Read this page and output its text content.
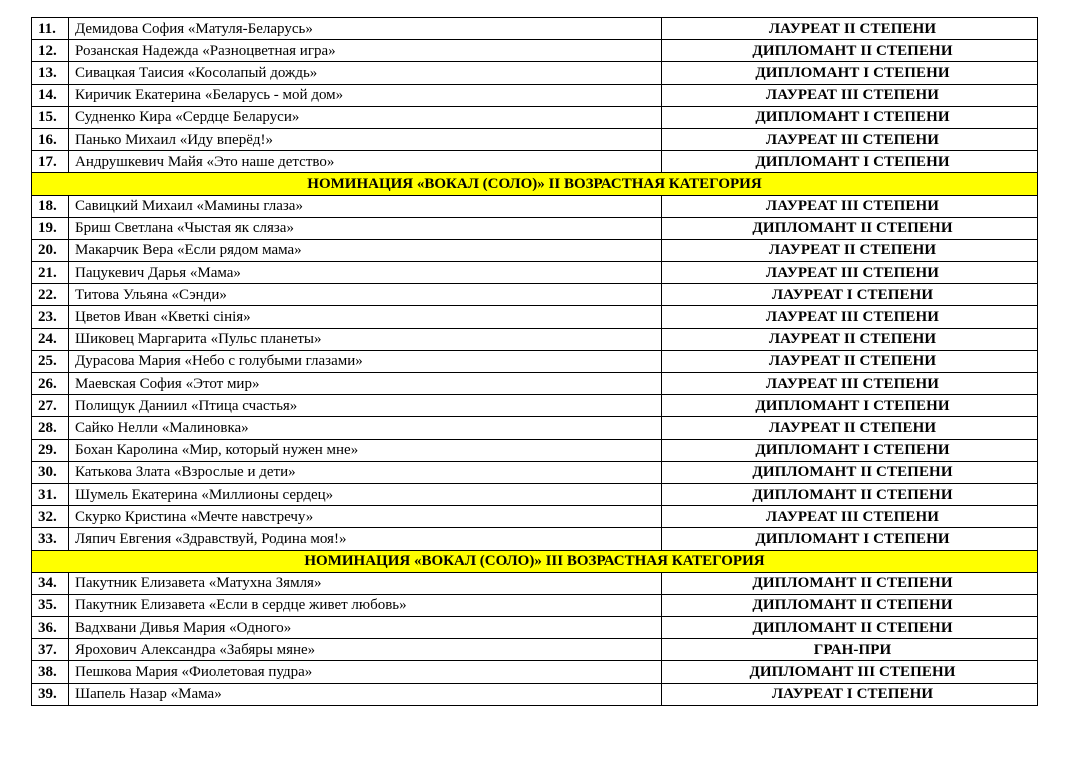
11.	Демидова София «Матуля-Беларусь»	ЛАУРЕАТ II СТЕПЕНИ
12.	Розанская Надежда «Разноцветная игра»	ДИПЛОМАНТ II СТЕПЕНИ
13.	Сивацкая Таисия «Косолапый дождь»	ДИПЛОМАНТ I СТЕПЕНИ
14.	Киричик Екатерина «Беларусь - мой дом»	ЛАУРЕАТ III СТЕПЕНИ
15.	Судненко Кира «Сердце Беларуси»	ДИПЛОМАНТ I СТЕПЕНИ
16.	Панько Михаил «Иду вперёд!»	ЛАУРЕАТ III СТЕПЕНИ
17.	Андрушкевич Майя «Это наше детство»	ДИПЛОМАНТ I СТЕПЕНИ
НОМИНАЦИЯ «ВОКАЛ (СОЛО)» II ВОЗРАСТНАЯ КАТЕГОРИЯ		
18.	Савицкий Михаил «Мамины глаза»	ЛАУРЕАТ III СТЕПЕНИ
19.	Бриш Светлана «Чыстая як сляза»	ДИПЛОМАНТ II СТЕПЕНИ
20.	Макарчик Вера «Если рядом мама»	ЛАУРЕАТ II СТЕПЕНИ
21.	Пацукевич Дарья «Мама»	ЛАУРЕАТ III СТЕПЕНИ
22.	Титова Ульяна «Сэнди»	ЛАУРЕАТ I СТЕПЕНИ
23.	Цветов Иван «Кветкі сінія»	ЛАУРЕАТ III СТЕПЕНИ
24.	Шиковец Маргарита «Пульс планеты»	ЛАУРЕАТ II СТЕПЕНИ
25.	Дурасова Мария «Небо с голубыми глазами»	ЛАУРЕАТ II СТЕПЕНИ
26.	Маевская София «Этот мир»	ЛАУРЕАТ III СТЕПЕНИ
27.	Полищук Даниил «Птица счастья»	ДИПЛОМАНТ I СТЕПЕНИ
28.	Сайко Нелли «Малиновка»	ЛАУРЕАТ II СТЕПЕНИ
29.	Бохан Каролина «Мир, который нужен мне»	ДИПЛОМАНТ I СТЕПЕНИ
30.	Катькова Злата «Взрослые и дети»	ДИПЛОМАНТ II СТЕПЕНИ
31.	Шумель Екатерина «Миллионы сердец»	ДИПЛОМАНТ II СТЕПЕНИ
32.	Скурко Кристина «Мечте навстречу»	ЛАУРЕАТ III СТЕПЕНИ
33.	Ляпич Евгения «Здравствуй, Родина моя!»	ДИПЛОМАНТ I СТЕПЕНИ
НОМИНАЦИЯ «ВОКАЛ (СОЛО)» III ВОЗРАСТНАЯ КАТЕГОРИЯ		
34.	Пакутник Елизавета «Матухна Зямля»	ДИПЛОМАНТ II СТЕПЕНИ
35.	Пакутник Елизавета «Если в сердце живет любовь»	ДИПЛОМАНТ II СТЕПЕНИ
36.	Вадхвани Дивья Мария «Одного»	ДИПЛОМАНТ II СТЕПЕНИ
37.	Ярохович Александра «Забяры мяне»	ГРАН-ПРИ
38.	Пешкова Мария «Фиолетовая пудра»	ДИПЛОМАНТ III СТЕПЕНИ
39.	Шапель Назар «Мама»	ЛАУРЕАТ I СТЕПЕНИ
